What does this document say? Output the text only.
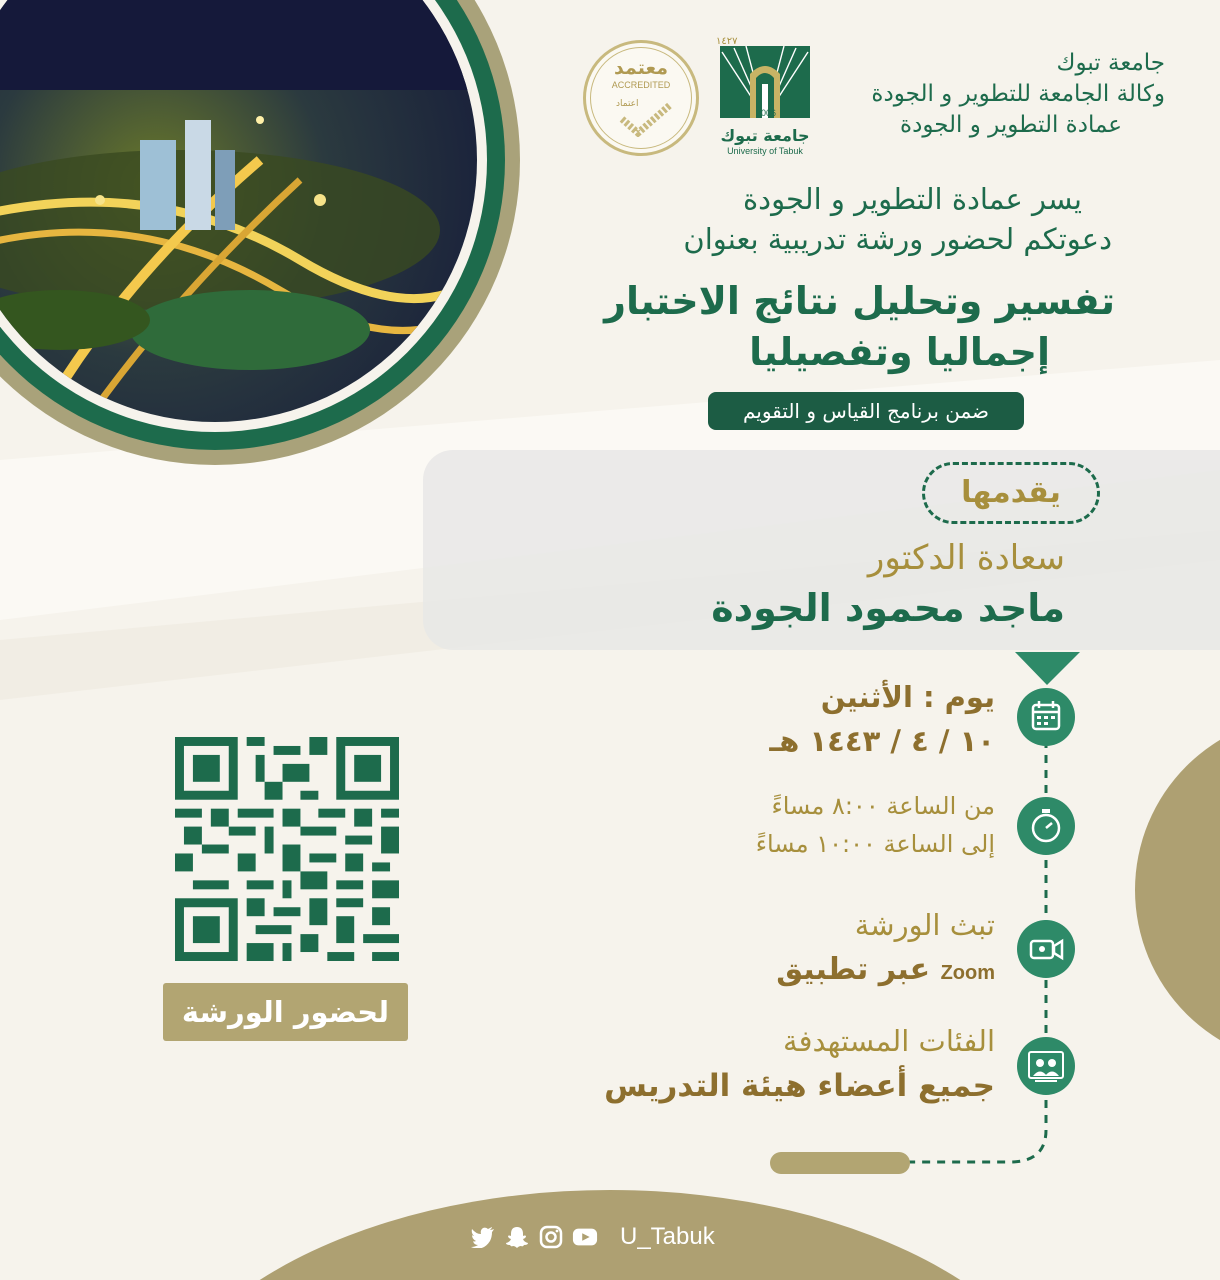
جامعة تبوك
وكالة الجامعة للتطوير و الجودة
عمادة التطوير و الجودة
١٤٢٧
2006
جامعة تبوك
University of Tabuk
معتمد
ACCREDITED
اعتماد
يسر عمادة التطوير و الجودة
دعوتكم لحضور ورشة تدريبية بعنوان
تفسير وتحليل نتائج الاختبار
إجماليا وتفصيليا
ضمن برنامج القياس و التقويم
يقدمها
سعادة الدكتور
ماجد محمود الجودة
يوم : الأثنين
١٠ / ٤ / ١٤٤٣ هـ
من الساعة ٨:٠٠ مساءً
إلى الساعة ١٠:٠٠ مساءً
تبث الورشة
عبر تطبيق Zoom
الفئات المستهدفة
جميع أعضاء هيئة التدريس
لحضور الورشة
U_Tabuk
